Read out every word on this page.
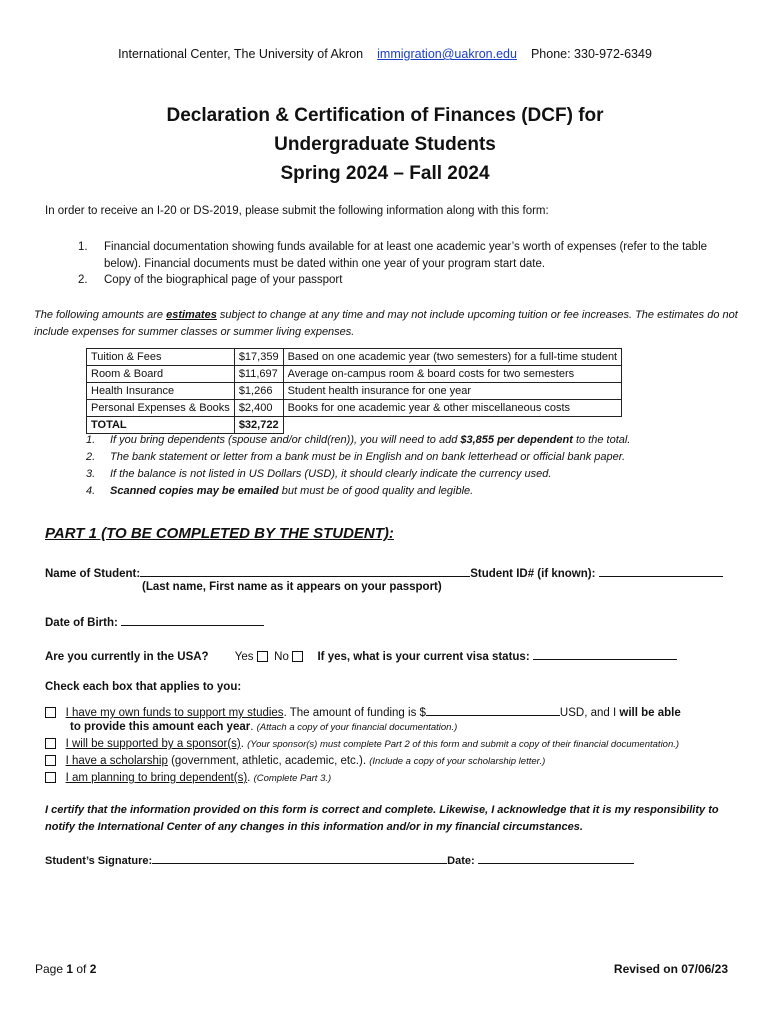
International Center, The University of Akron immigration@uakron.edu Phone: 330-972-6349
Declaration & Certification of Finances (DCF) for
Undergraduate Students
Spring 2024 – Fall 2024
In order to receive an I-20 or DS-2019, please submit the following information along with this form:
1.	Financial documentation showing funds available for at least one academic year’s worth of expenses (refer to the table below). Financial documents must be dated within one year of your program start date.
2.	Copy of the biographical page of your passport
The following amounts are estimates subject to change at any time and may not include upcoming tuition or fee increases. The estimates do not include expenses for summer classes or summer living expenses.
Tuition & Fees	$17,359	Based on one academic year (two semesters) for a full-time student
Room & Board	$11,697	Average on-campus room & board costs for two semesters
Health Insurance	$1,266	Student health insurance for one year
Personal Expenses & Books	$2,400	Books for one academic year & other miscellaneous costs
TOTAL	$32,722	
1.	If you bring dependents (spouse and/or child(ren)), you will need to add $3,855 per dependent to the total.
2.	The bank statement or letter from a bank must be in English and on bank letterhead or official bank paper.
3.	If the balance is not listed in US Dollars (USD), it should clearly indicate the currency used.
4.	Scanned copies may be emailed but must be of good quality and legible.
PART 1 (TO BE COMPLETED BY THE STUDENT):
Name of Student:	Student ID# (if known):
(Last name, First name as it appears on your passport)
Date of Birth:
Are you currently in the USA? Yes No If yes, what is your current visa status:
Check each box that applies to you:
I have my own funds to support my studies. The amount of funding is $	USD, and I will be able
to provide this amount each year. (Attach a copy of your financial documentation.)
I will be supported by a sponsor(s). (Your sponsor(s) must complete Part 2 of this form and submit a copy of their financial documentation.)
I have a scholarship (government, athletic, academic, etc.). (Include a copy of your scholarship letter.)
I am planning to bring dependent(s). (Complete Part 3.)
I certify that the information provided on this form is correct and complete. Likewise, I acknowledge that it is my responsibility to notify the International Center of any changes in this information and/or in my financial circumstances.
Student’s Signature:	Date:
Page 1 of 2	Revised on 07/06/23
